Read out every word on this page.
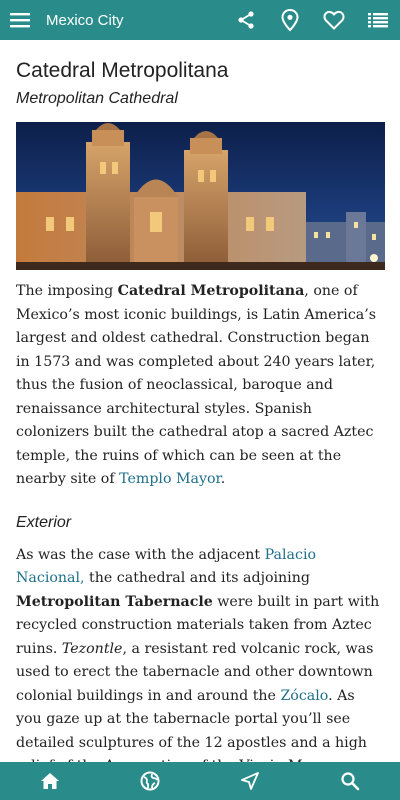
Mexico City
Catedral Metropolitana
Metropolitan Cathedral

The imposing Catedral Metropolitana, one of Mexico’s most iconic buildings, is Latin America’s largest and oldest cathedral. Construction began in 1573 and was completed about 240 years later, thus the fusion of neoclassical, baroque and renaissance architectural styles. Spanish colonizers built the cathedral atop a sacred Aztec temple, the ruins of which can be seen at the nearby site of Templo Mayor.

Exterior

As was the case with the adjacent Palacio Nacional, the cathedral and its adjoining Metropolitan Tabernacle were built in part with recycled construction materials taken from Aztec ruins. Tezontle, a resistant red volcanic rock, was used to erect the tabernacle and other downtown colonial buildings in and around the Zócalo. As you gaze up at the tabernacle portal you’ll see detailed sculptures of the 12 apostles and a high
